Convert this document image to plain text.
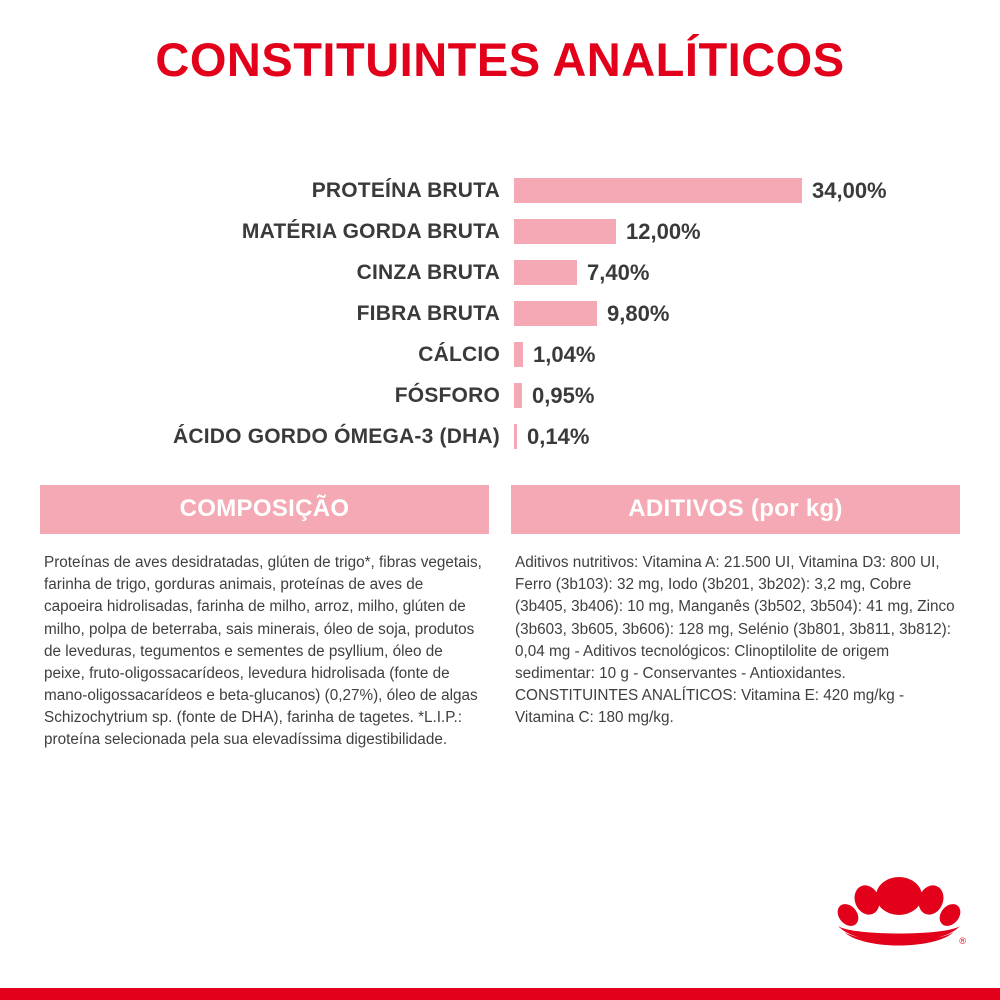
CONSTITUINTES ANALÍTICOS
PROTEÍNA BRUTA	34,00%
MATÉRIA GORDA BRUTA	12,00%
CINZA BRUTA	7,40%
FIBRA BRUTA	9,80%
CÁLCIO	1,04%
FÓSFORO	0,95%
ÁCIDO GORDO ÓMEGA-3 (DHA)	0,14%
COMPOSIÇÃO
Proteínas de aves desidratadas, glúten de trigo*, fibras vegetais, farinha de trigo, gorduras animais, proteínas de aves de capoeira hidrolisadas, farinha de milho, arroz, milho, glúten de milho, polpa de beterraba, sais minerais, óleo de soja, produtos de leveduras, tegumentos e sementes de psyllium, óleo de peixe, fruto-oligossacarídeos, levedura hidrolisada (fonte de mano-oligossacarídeos e beta-glucanos) (0,27%), óleo de algas Schizochytrium sp. (fonte de DHA), farinha de tagetes. *L.I.P.: proteína selecionada pela sua elevadíssima digestibilidade.
ADITIVOS (por kg)
Aditivos nutritivos: Vitamina A: 21.500 UI, Vitamina D3: 800 UI, Ferro (3b103): 32 mg, Iodo (3b201, 3b202): 3,2 mg, Cobre (3b405, 3b406): 10 mg, Manganês (3b502, 3b504): 41 mg, Zinco (3b603, 3b605, 3b606): 128 mg, Selénio (3b801, 3b811, 3b812): 0,04 mg - Aditivos tecnológicos: Clinoptilolite de origem sedimentar: 10 g - Conservantes - Antioxidantes. CONSTITUINTES ANALÍTICOS: Vitamina E: 420 mg/kg - Vitamina C: 180 mg/kg.
®
